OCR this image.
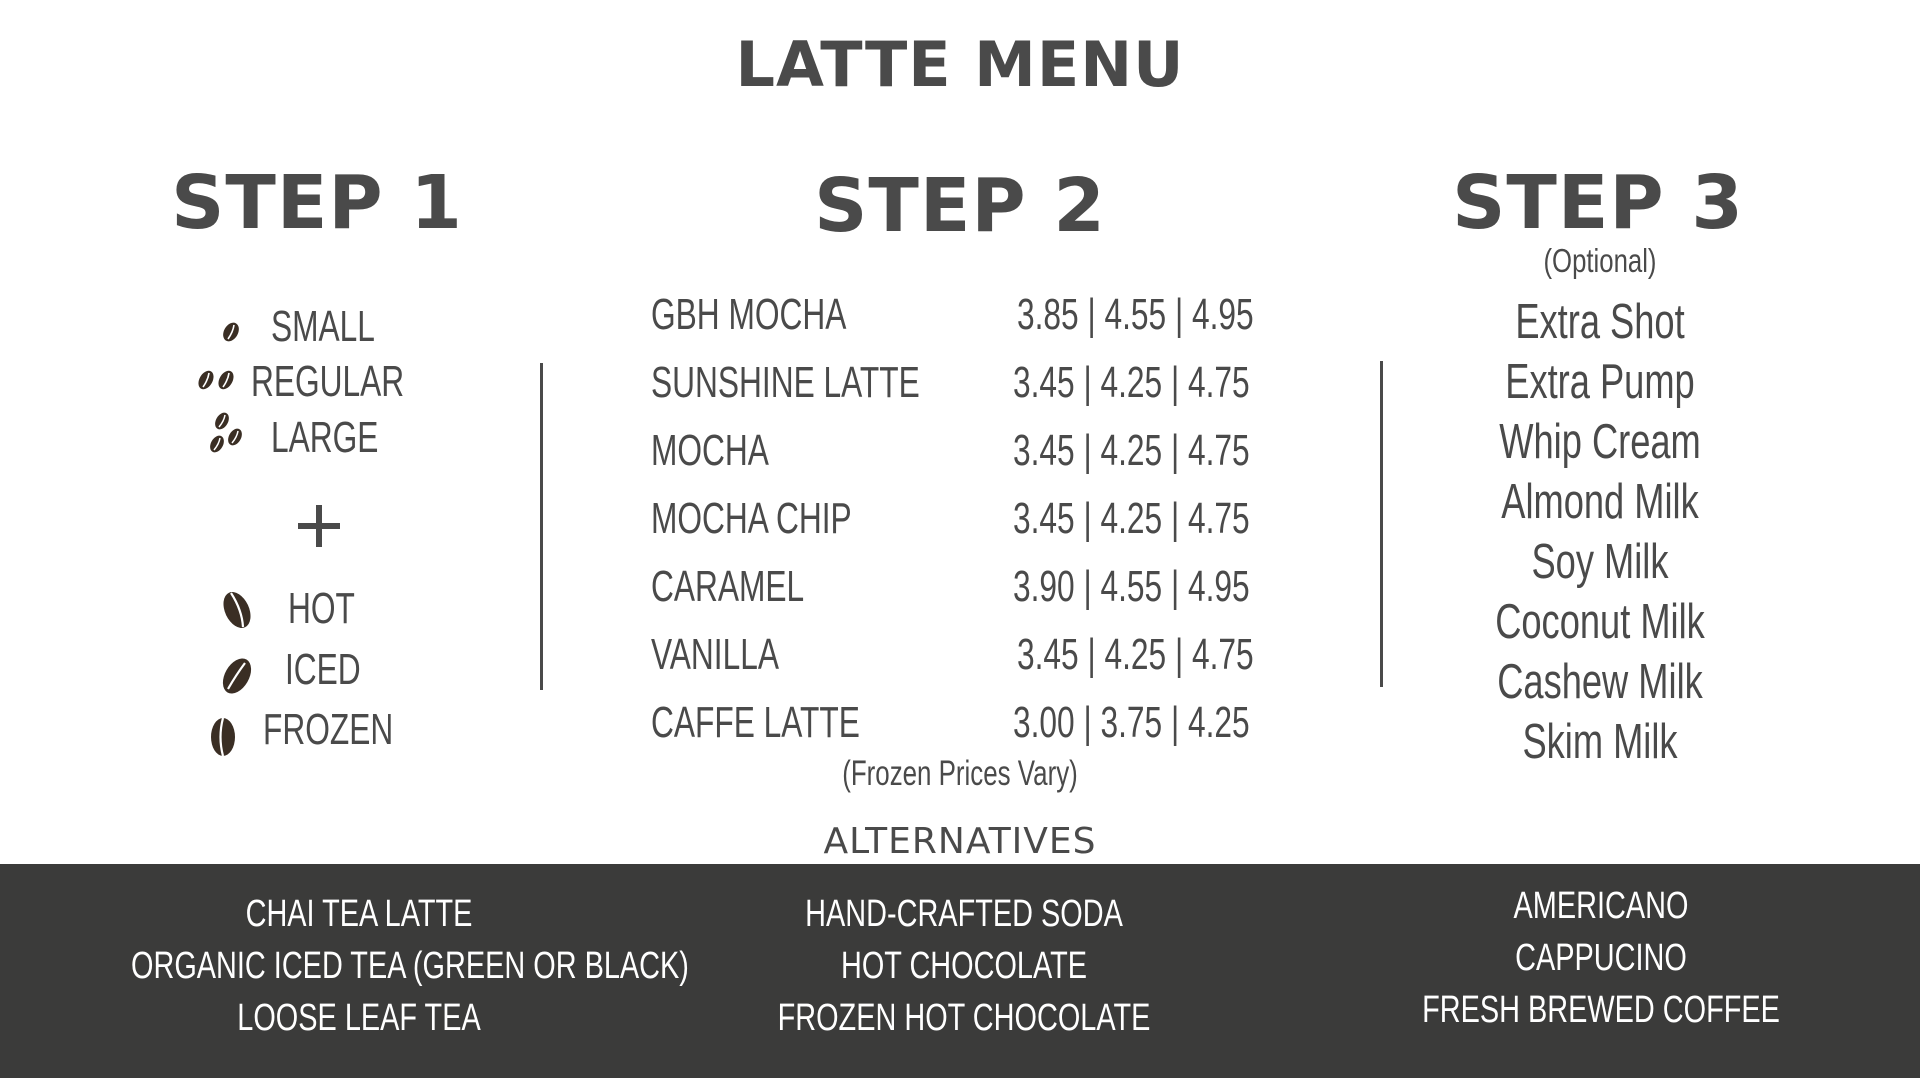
LATTE MENU
STEP 1
SMALL
REGULAR
LARGE
HOT
ICED
FROZEN
STEP 2
GBH MOCHA	3.85 | 4.55 | 4.95
SUNSHINE LATTE 3.45 | 4.25 | 4.75
MOCHA	3.45 | 4.25 | 4.75
MOCHA CHIP	3.45 | 4.25 | 4.75
CARAMEL	3.90 | 4.55 | 4.95
VANILLA	3.45 | 4.25 | 4.75
CAFFE LATTE	3.00 | 3.75 | 4.25
(Frozen Prices Vary)
STEP 3
(Optional)
Extra Shot
Extra Pump
Whip Cream
Almond Milk
Soy Milk
Coconut Milk
Cashew Milk
Skim Milk
ALTERNATIVES
CHAI TEA LATTE
ORGANIC ICED TEA (GREEN OR BLACK)
LOOSE LEAF TEA
HAND-CRAFTED SODA
HOT CHOCOLATE
FROZEN HOT CHOCOLATE
AMERICANO
CAPPUCINO
FRESH BREWED COFFEE
